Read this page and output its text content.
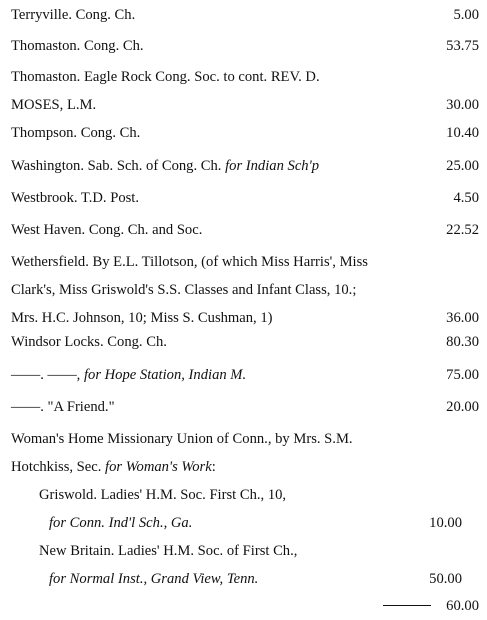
Terryville. Cong. Ch.	5.00
Thomaston. Cong. Ch.	53.75
Thomaston. Eagle Rock Cong. Soc. to cont. REV. D.
MOSES, L.M.	30.00
Thompson. Cong. Ch.	10.40
Washington. Sab. Sch. of Cong. Ch. for Indian Sch'p	25.00
Westbrook. T.D. Post.	4.50
West Haven. Cong. Ch. and Soc.	22.52
Wethersfield. By E.L. Tillotson, (of which Miss Harris', Miss
Clark's, Miss Griswold's S.S. Classes and Infant Class, 10.;
Mrs. H.C. Johnson, 10; Miss S. Cushman, 1)	36.00
Windsor Locks. Cong. Ch.	80.30
——. ——, for Hope Station, Indian M.	75.00
——. "A Friend."	20.00
Woman's Home Missionary Union of Conn., by Mrs. S.M.
Hotchkiss, Sec. for Woman's Work:
Griswold. Ladies' H.M. Soc. First Ch., 10,
for Conn. Ind'l Sch., Ga.	10.00
New Britain. Ladies' H.M. Soc. of First Ch.,
for Normal Inst., Grand View, Tenn.	50.00
60.00
